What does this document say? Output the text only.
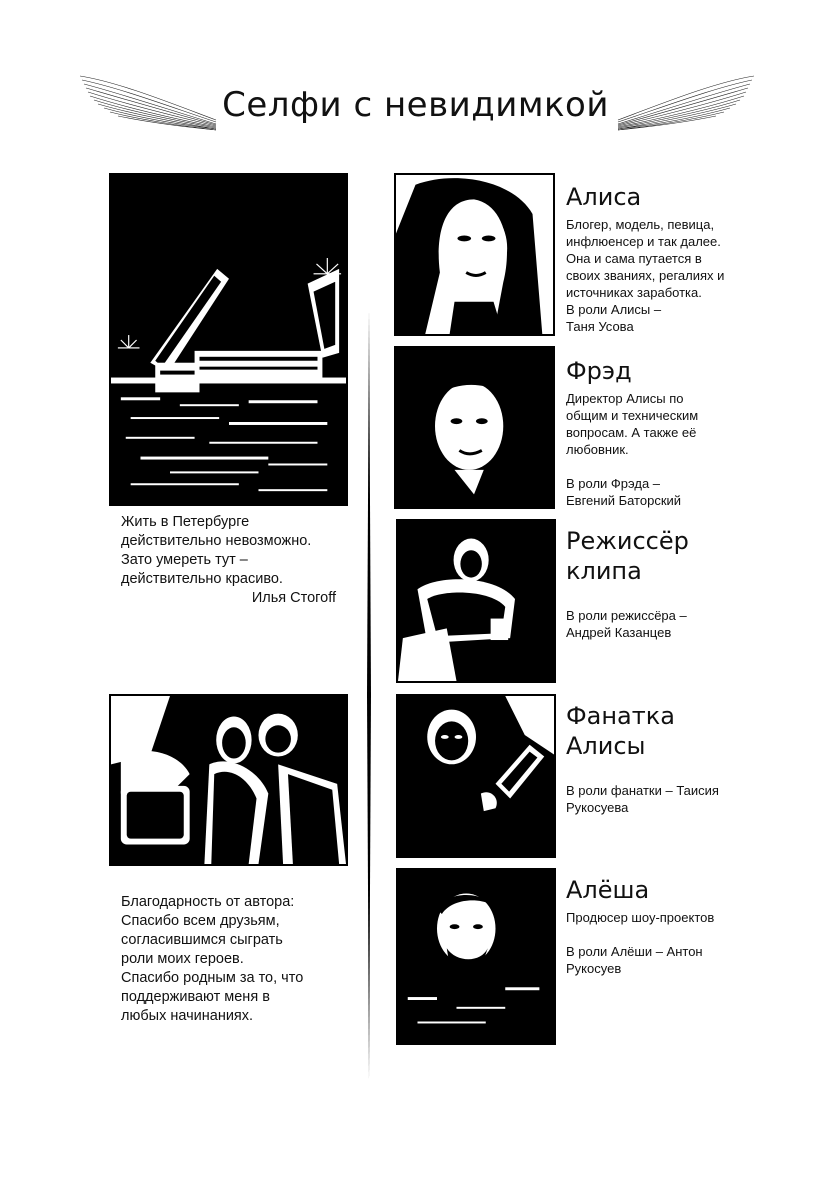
Селфи с невидимкой
Жить в Петербурге
действительно невозможно.
Зато умереть тут –
действительно красиво.
Илья Стогоff

Благодарность от автора:

Спасибо всем друзьям,

согласившимся сыграть

роли моих героев.

Спасибо родным за то, что

поддерживают меня в

любых начинаниях.

Алиса

Блогер, модель, певица,

инфлюенсер и так далее.

Она и сама путается в

своих званиях, регалиях и

источниках заработка.

В роли Алисы –

Таня Усова

Фрэд

Директор Алисы по

общим и техническим

вопросам. А также её

любовник.

В роли Фрэда –

Евгений Баторский

Режиссёр
клипа

В роли режиссёра –

Андрей Казанцев

Фанатка
Алисы

В роли фанатки – Таисия

Рукосуева

Алёша

Продюсер шоу-проектов

В роли Алёши – Антон

Рукосуев
